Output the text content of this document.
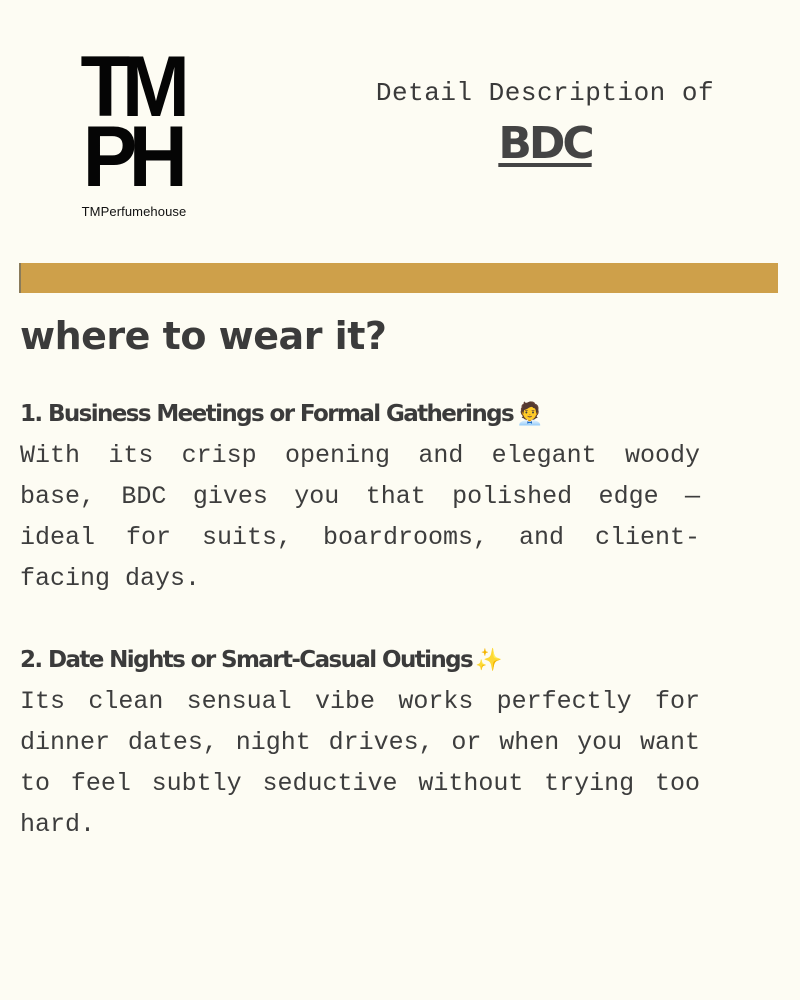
TM
PH
TMPerfumehouse
Detail Description of
BDC
where to wear it?
1. Business Meetings or Formal Gatherings 🧑‍💼
With its crisp opening and elegant woody base, BDC gives you that polished edge — ideal for suits, boardrooms, and client-facing days.
2. Date Nights or Smart-Casual Outings ✨
Its clean sensual vibe works perfectly for dinner dates, night drives, or when you want to feel subtly seductive without trying too hard.
